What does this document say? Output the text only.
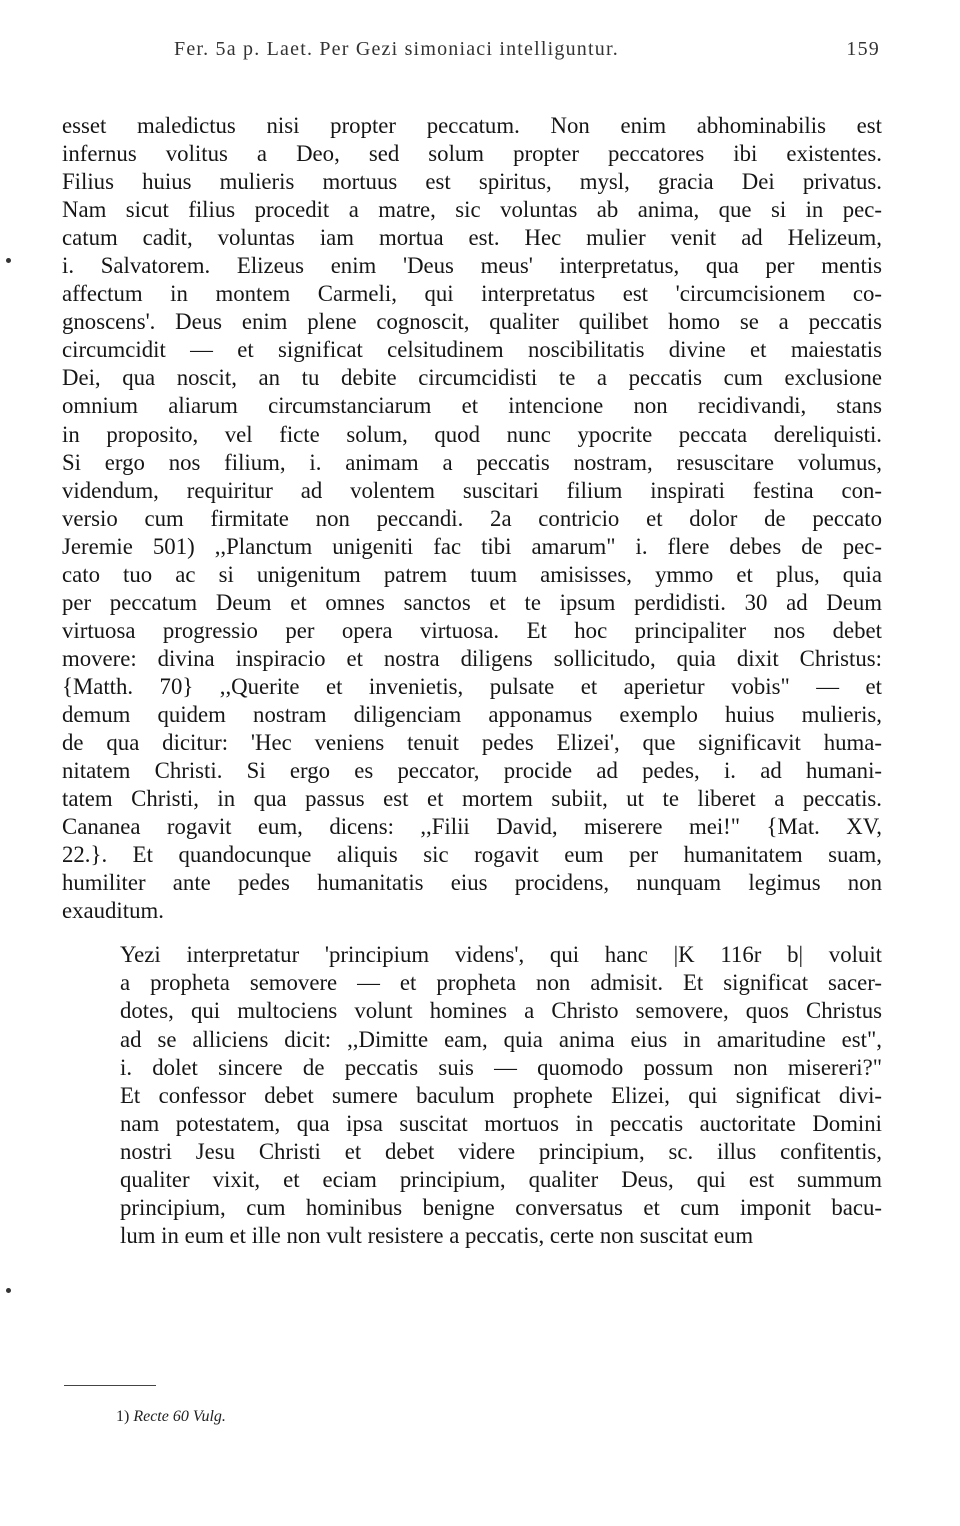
Fer. 5a p. Laet. Per Gezi simoniaci intelliguntur.	159

esset maledictus nisi propter peccatum. Non enim abhominabilis est
infernus volitus a Deo, sed solum propter peccatores ibi existentes.
Filius huius mulieris mortuus est spiritus, mysl, gracia Dei privatus.
Nam sicut filius procedit a matre, sic voluntas ab anima, que si in pec-
catum cadit, voluntas iam mortua est. Hec mulier venit ad Helizeum,
i. Salvatorem. Elizeus enim 'Deus meus' interpretatus, qua per mentis
affectum in montem Carmeli, qui interpretatus est 'circumcisionem co-
gnoscens'. Deus enim plene cognoscit, qualiter quilibet homo se a peccatis
circumcidit — et significat celsitudinem noscibilitatis divine et maiestatis
Dei, qua noscit, an tu debite circumcidisti te a peccatis cum exclusione
omnium aliarum circumstanciarum et intencione non recidivandi, stans
in proposito, vel ficte solum, quod nunc ypocrite peccata dereliquisti.
Si ergo nos filium, i. animam a peccatis nostram, resuscitare volumus,
videndum, requiritur ad volentem suscitari filium inspirati festina con-
versio cum firmitate non peccandi. 2a contricio et dolor de peccato
Jeremie 501) ,,Planctum unigeniti fac tibi amarum" i. flere debes de pec-
cato tuo ac si unigenitum patrem tuum amisisses, ymmo et plus, quia
per peccatum Deum et omnes sanctos et te ipsum perdidisti. 30 ad Deum
virtuosa progressio per opera virtuosa. Et hoc principaliter nos debet
movere: divina inspiracio et nostra diligens sollicitudo, quia dixit Christus:
{Matth. 70} ,,Querite et invenietis, pulsate et aperietur vobis" — et
demum quidem nostram diligenciam apponamus exemplo huius mulieris,
de qua dicitur: 'Hec veniens tenuit pedes Elizei', que significavit huma-
nitatem Christi. Si ergo es peccator, procide ad pedes, i. ad humani-
tatem Christi, in qua passus est et mortem subiit, ut te liberet a peccatis.
Cananea rogavit eum, dicens: ,,Filii David, miserere mei!" {Mat. XV,
22.}. Et quandocunque aliquis sic rogavit eum per humanitatem suam,
humiliter ante pedes humanitatis eius procidens, nunquam legimus non
exauditum.

Yezi interpretatur 'principium videns', qui hanc |K 116r b| voluit
a propheta semovere — et propheta non admisit. Et significat sacer-
dotes, qui multociens volunt homines a Christo semovere, quos Christus
ad se alliciens dicit: ,,Dimitte eam, quia anima eius in amaritudine est",
i. dolet sincere de peccatis suis — quomodo possum non misereri?"
Et confessor debet sumere baculum prophete Elizei, qui significat divi-
nam potestatem, qua ipsa suscitat mortuos in peccatis auctoritate Domini
nostri Jesu Christi et debet videre principium, sc. illus confitentis,
qualiter vixit, et eciam principium, qualiter Deus, qui est summum
principium, cum hominibus benigne conversatus et cum imponit bacu-
lum in eum et ille non vult resistere a peccatis, certe non suscitat eum

1) Recte 60 Vulg.
